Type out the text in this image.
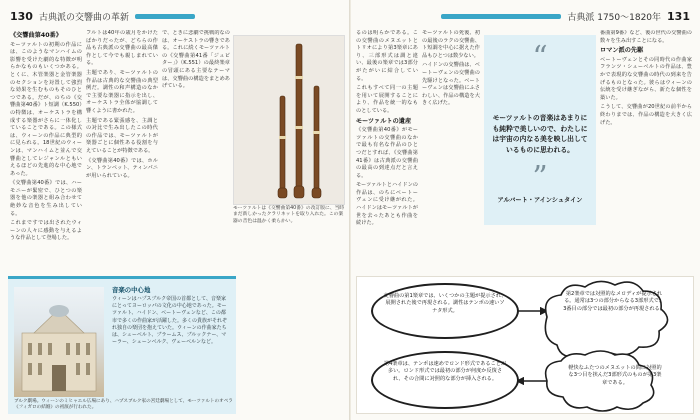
130 古典派の交響曲の革新
《交響曲第40番》

モーツァルトの初期の作品には、このようなマンハイムの影響を受けた劇的な特徴が明らかなものもいくつかある。とくに、木管楽器と金管楽器のセクションを対置して強烈な効果を生むものもそのひとつである。だが、のちの《交響曲第40番》ト短調（K.550）の特徴は、オーケストラを構成する楽器がさらに一体化していることである。この様式は、ウィーンの作品に典型的に見られる。18世紀のウィーンは、マンハイムと並んで交響曲としてレジャンルともいえるほどの先進的な中心地であった。

《交響曲第40番》では、ハーモニーが緊密で、ひとつの楽器を他の楽器と組み合わせて絶妙な音色を生み出している。

これまですでは出されたウィーンの人々に感動を与えるような作品として登場した。

フルトは40年の歳月をかけたばかりだったが、どちらの作品も古典派の交響曲の最高傑作として今でも親しまれている。

主題であり、モーツァルトの作品は古典的な交響曲の典型例だ。調性の和声構造のなかで主要な楽器に指示を出し、オーケストラ全体が協調して響くように書かれた。

主題である緊張感を、主調との対比で生み出したこの時代の作品では、モーツァルトが楽器ごとに個性ある役割を与えていることが特徴である。

《交響曲第40番》では、ホルン、トランペット、ティンパニが用いられている。

で、ときに悲劇で挑戦的なのは、オーケストラの響きである。これに続くモーツァルトの《交響曲第41番「ジュピター」》（K.551）の最終楽章の冒頭にある主要なテーマは、交響曲の構造をまとめあげている。

モーツァルトは《交響曲第40番》の改訂版に、当時まだ新しかったクラリネットを取り入れた。この楽器の音色は温かく柔らかい。
音楽の中心地
ウィーンはハプスブルク帝国の首都として、音楽家にとってヨーロッパの文化の中心地であった。モーツァルト、ハイドン、ベートーヴェンなど、この都市で多くの作曲家が活躍した。多くの貴族がそれぞれ独自の楽団を抱えていた。ウィーンの作曲家たちは、シューベルト、ブラームス、ブルックナー、マーラー、シェーンベルク、ヴェーベルンなど。
ブルク劇場。ウィーンのミヒャエル広場にあり、ハプスブルク家の宮廷劇場として、モーツァルトのオペラ《フィガロの結婚》の初演が行われた。
131
古典派 1750〜1820年

るのは明らかである。この交響曲のメヌエットとトリオにより第3楽章にあり、三部形式は調と違い、最後の楽章では3部分がたがいに結合している。

これもすべて同一の主題を用いて展開することにより、作品を統一的なものとしている。

モーツァルトの遺産

《交響曲第40番》がモーツァルトの交響曲のなかで最も有名な作品のひとつだとすれば、《交響曲第41番》は古典派の交響曲の最高の到達点だと言える。

モーツァルトとハイドンの作品は、のちにベートーヴェンに受け継がれた。ハイドンはモーツァルトが世を去ったあとも作曲を続けた。

モーツァルトの死後、初の最後のラクの交響曲、ト短調を中心に据えた作品もひとつは数少ない。

ハイドンの交響曲は、ベートーヴェンの交響曲の先駆けとなった。ベートーヴェンは交響曲にふさわしい、作品の構造を大きく広げた。

“
モーツァルトの音楽はあまりにも純粋で美しいので、わたしには宇宙の内なる美を映し出しているものに思われる。
”
アルバート・アインシュタイン

番曲第9番》など、後の世代の交響曲の数々を生み出すことになる。

ロマン派の先駆

ベートーヴェンとその同時代の作曲家フランツ・シューベルトの作品は、豊かで表現的な交響曲の時代の到来を告げるものとなった。彼らはウィーンの伝統を受け継ぎながら、新たな個性を築いた。

こうして、交響曲が20世紀の前半から終わりまでは、作品の構造を大きく広げた。

交響曲の第1楽章では、いくつかの主題が提示され、展開された後で再現される。調性はテンポの速いソナタ形式。
第4楽章は、テンポは速めでロンド形式であることが多い。ロンド形式では最初の部分が何度か反復され、その合間に対照的な部分が挿入される。
第2楽章では対照的なメロディが提示される。通常は3つの部分からなる3部形式で、3番目の部分では最初の部分が再現される。
軽快なふたつのメヌエットの間に対照的な3つ目を挟んだ3部形式のものが第3楽章である。
